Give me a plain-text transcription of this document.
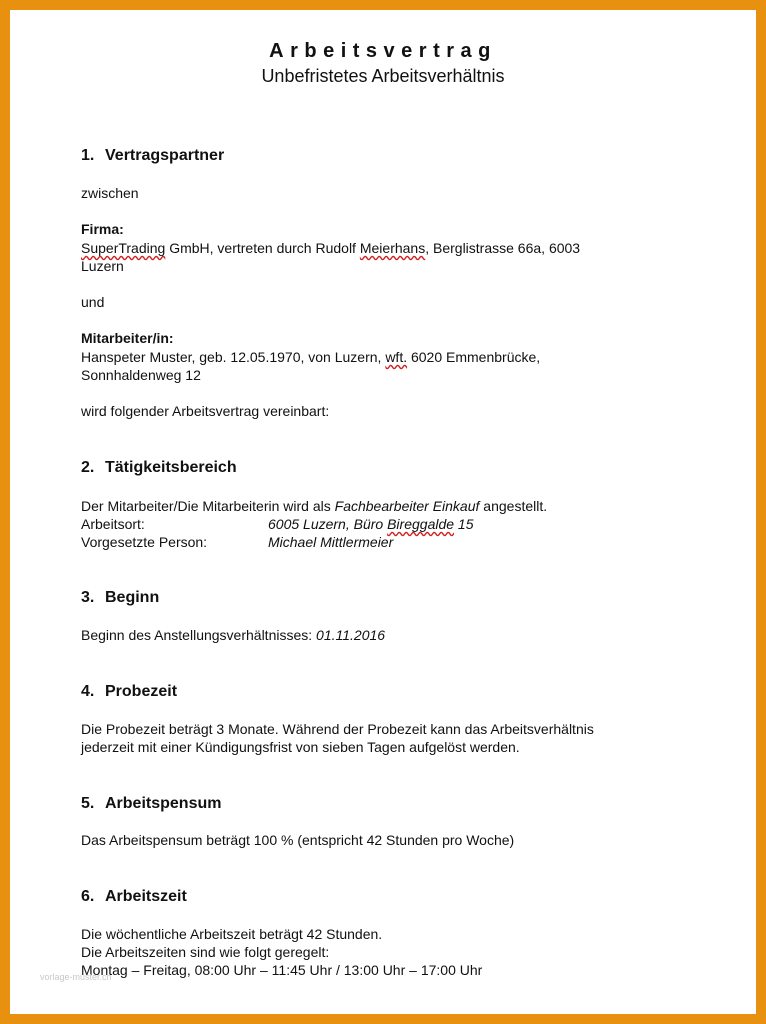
Arbeitsvertrag
Unbefristetes Arbeitsverhältnis
1. Vertragspartner
zwischen
Firma:
SuperTrading GmbH, vertreten durch Rudolf Meierhans, Berglistrasse 66a, 6003
Luzern
und
Mitarbeiter/in:
Hanspeter Muster, geb. 12.05.1970, von Luzern, wft. 6020 Emmenbrücke,
Sonnhaldenweg 12
wird folgender Arbeitsvertrag vereinbart:
2. Tätigkeitsbereich
Der Mitarbeiter/Die Mitarbeiterin wird als Fachbearbeiter Einkauf angestellt.
Arbeitsort:	6005 Luzern, Büro Bireggalde 15
Vorgesetzte Person:	Michael Mittlermeier
3. Beginn
Beginn des Anstellungsverhältnisses: 01.11.2016
4. Probezeit
Die Probezeit beträgt 3 Monate. Während der Probezeit kann das Arbeitsverhältnis
jederzeit mit einer Kündigungsfrist von sieben Tagen aufgelöst werden.
5. Arbeitspensum
Das Arbeitspensum beträgt 100 % (entspricht 42 Stunden pro Woche)
6. Arbeitszeit
Die wöchentliche Arbeitszeit beträgt 42 Stunden.
Die Arbeitszeiten sind wie folgt geregelt:
Montag – Freitag, 08:00 Uhr – 11:45 Uhr / 13:00 Uhr – 17:00 Uhr
vorlage-muster.ch
